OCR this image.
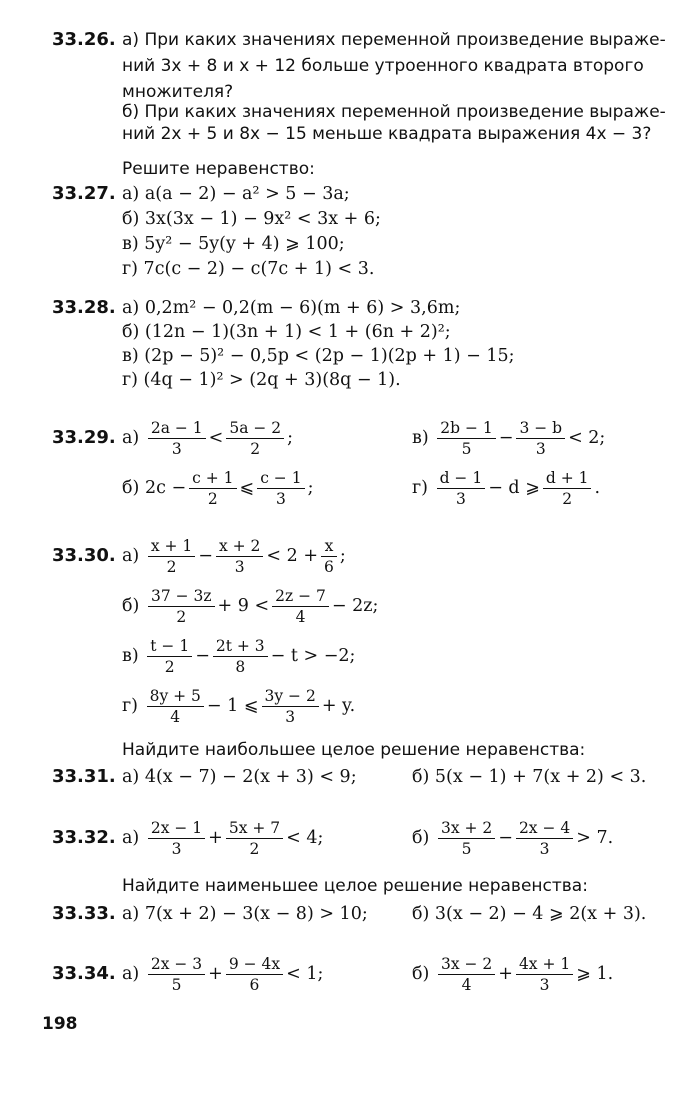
33.26. а) При каких значениях переменной произведение выраже-
ний 3x + 8 и x + 12 больше утроенного квадрата второго
множителя?
б) При каких значениях переменной произведение выраже-
ний 2x + 5 и 8x − 15 меньше квадрата выражения 4x − 3?
Решите неравенство:
33.27. а) a(a − 2) − a² > 5 − 3a;
б) 3x(3x − 1) − 9x² < 3x + 6;
в) 5y² − 5y(y + 4) ⩾ 100;
г) 7c(c − 2) − c(7c + 1) < 3.
33.28. а) 0,2m² − 0,2(m − 6)(m + 6) > 3,6m;
б) (12n − 1)(3n + 1) < 1 + (6n + 2)²;
в) (2p − 5)² − 0,5p < (2p − 1)(2p + 1) − 15;
г) (4q − 1)² > (2q + 3)(8q − 1).
33.29. а)
$\frac{2a - 1}{3} < \frac{5a - 2}{2}$ ;	в)
$\frac{2b - 1}{5} - \frac{3 - b}{3} < 2$;
б)
$2c - \frac{c + 1}{2}$ ⩽ $\frac{c - 1}{3}$ ;	г)
$\frac{d - 1}{3} - d$ ⩾ $\frac{d + 1}{2}$ .
33.30. а)
$\frac{x + 1}{2} - \frac{x + 2}{3} < 2 + \frac{x}{6}$ ;
б)
$\frac{37 - 3z}{2} + 9 < \frac{2z - 7}{4} - 2z$;
в)
$\frac{t - 1}{2} - \frac{2t + 3}{8} - t > -2$;
г)
$\frac{8y + 5}{4} - 1$ ⩽ $\frac{3y - 2}{3} + y$.
Найдите наибольшее целое решение неравенства:
33.31. а) 4(x − 7) − 2(x + 3) < 9;	б) 5(x − 1) + 7(x + 2) < 3.
33.32. а)
$\frac{2x - 1}{3} + \frac{5x + 7}{2} < 4$;	б)
$\frac{3x + 2}{5} - \frac{2x - 4}{3} > 7$.
Найдите наименьшее целое решение неравенства:
33.33. а) 7(x + 2) − 3(x − 8) > 10;	б) 3(x − 2) − 4 ⩾ 2(x + 3).
33.34. а)
$\frac{2x - 3}{5} + \frac{9 - 4x}{6} < 1$;	б)
$\frac{3x - 2}{4} + \frac{4x + 1}{3}$ ⩾ 1.
198
